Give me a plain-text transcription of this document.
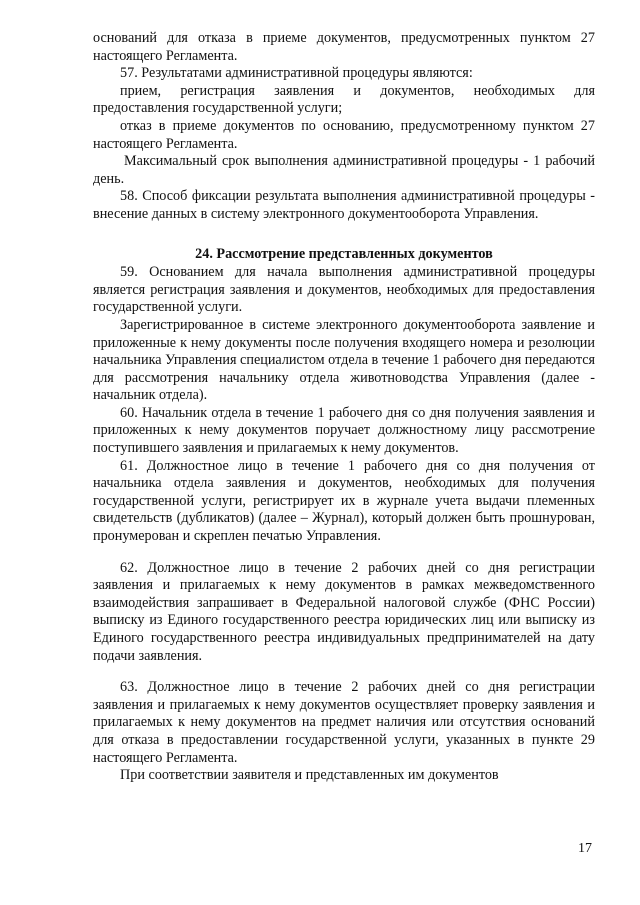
оснований для отказа в приеме документов, предусмотренных пунктом 27 настоящего Регламента.

57. Результатами административной процедуры являются:

прием, регистрация заявления и документов, необходимых для предоставления государственной услуги;

отказ в приеме документов по основанию, предусмотренному пунктом 27 настоящего Регламента.

Максимальный срок выполнения административной процедуры - 1 рабочий день.

58. Способ фиксации результата выполнения административной процедуры - внесение данных в систему электронного документооборота Управления.

24. Рассмотрение представленных документов

59. Основанием для начала выполнения административной процедуры является регистрация заявления и документов, необходимых для предоставления государственной услуги.

Зарегистрированное в системе электронного документооборота заявление и приложенные к нему документы после получения входящего номера и резолюции начальника Управления специалистом отдела в течение 1 рабочего дня передаются для рассмотрения начальнику отдела животноводства Управления (далее - начальник отдела).

60. Начальник отдела в течение 1 рабочего дня со дня получения заявления и приложенных к нему документов поручает должностному лицу рассмотрение поступившего заявления и прилагаемых к нему документов.

61. Должностное лицо в течение 1 рабочего дня со дня получения от начальника отдела заявления и документов, необходимых для получения государственной услуги, регистрирует их в журнале учета выдачи племенных свидетельств (дубликатов) (далее – Журнал), который должен быть прошнурован, пронумерован и скреплен печатью Управления.

62. Должностное лицо в течение 2 рабочих дней со дня регистрации заявления и прилагаемых к нему документов в рамках межведомственного взаимодействия запрашивает в Федеральной налоговой службе (ФНС России) выписку из Единого государственного реестра юридических лиц или выписку из Единого государственного реестра индивидуальных предпринимателей на дату подачи заявления.

63. Должностное лицо в течение 2 рабочих дней со дня регистрации заявления и прилагаемых к нему документов осуществляет проверку заявления и прилагаемых к нему документов на предмет наличия или отсутствия оснований для отказа в предоставлении государственной услуги, указанных в пункте 29 настоящего Регламента.

При соответствии заявителя и представленных им документов

17
